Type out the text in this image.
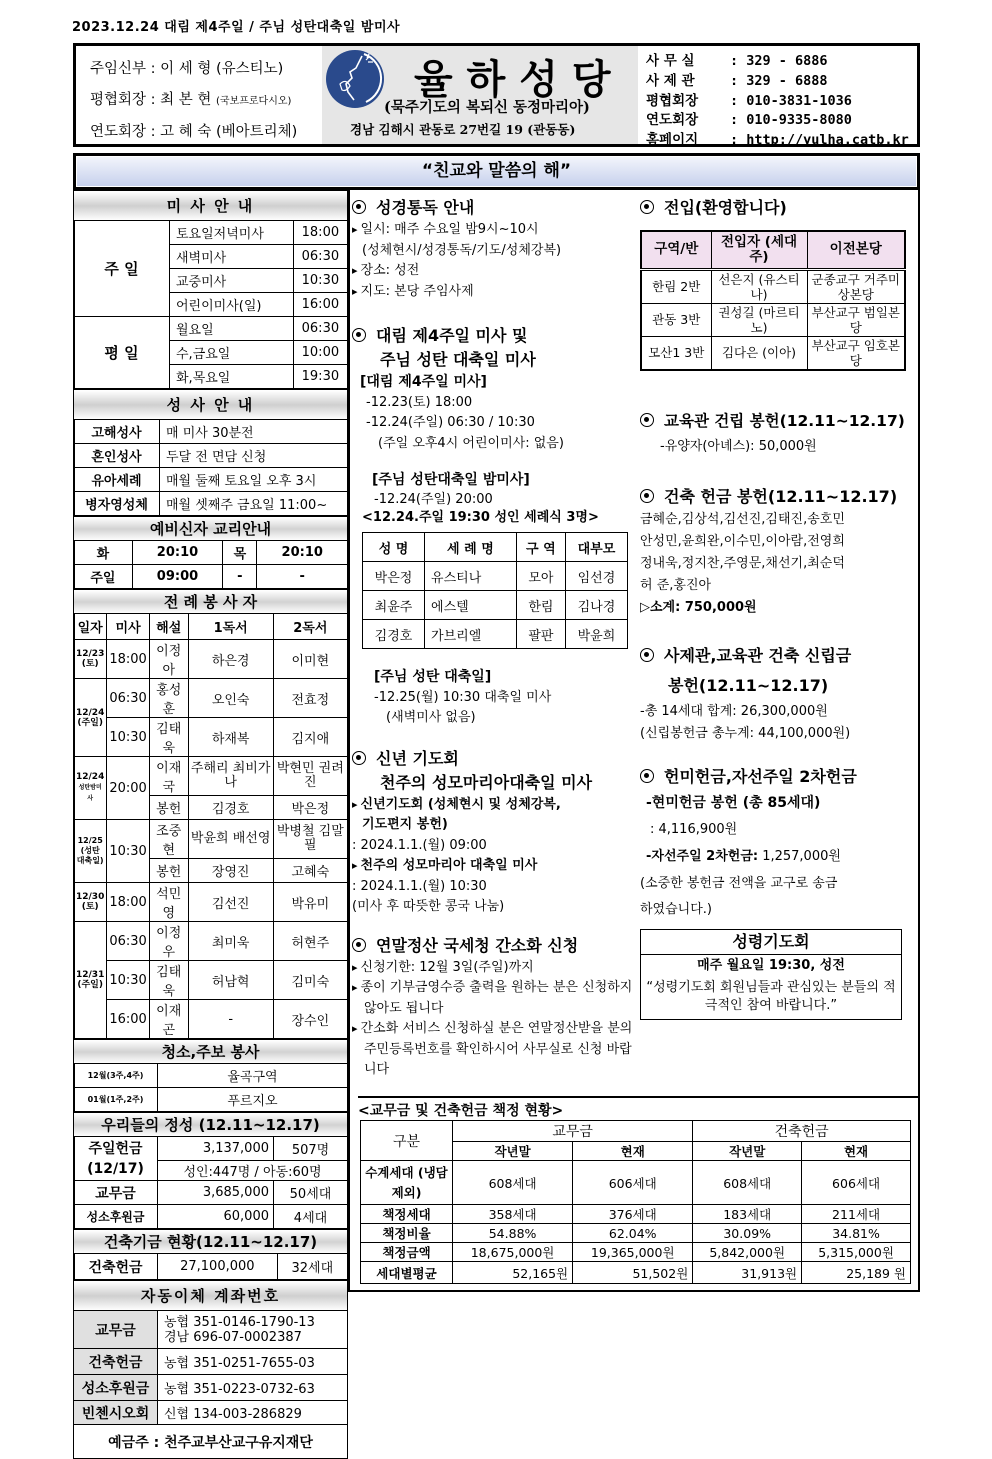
2023.12.24 대림 제4주일 / 주님 성탄대축일 밤미사
주임신부 : 이 세 형 (유스티노)
평협회장 : 최 본 현 (국보프로다시오)
연도회장 : 고 혜 숙 (베아트리체)
율하성당
(묵주기도의 복되신 동정마리아)
경남 김해시 관동로 27번길 19 (관동동)
사 무 실	: 329 - 6886
사 제 관	: 329 - 6888
평협회장 : 010-3831-1036
연도회장 : 010-9335-8080
홈페이지 : http://yulha.catb.kr
“친교와 말씀의 해”
미 사 안 내		
주 일	토요일저녁미사	18:00
	새벽미사	06:30
	교중미사	10:30
	어린이미사(일)	16:00
평 일	월요일	06:30
	수,금요일	10:00
	화,목요일	19:30
성 사 안 내	
고해성사	매 미사 30분전
혼인성사	두달 전 면담 신청
유아세례	매월 둘째 토요일 오후 3시
병자영성체	매월 셋째주 금요일 11:00~
예비신자 교리안내			
화	20:10	목	20:10
주일	09:00	-	-
전 례 봉 사 자				
일자	미사	해설	1독서	2독서
12/23
(토)	18:00	이정아	하은경	이미현
12/24
(주일)	06:30	홍성훈	오인숙	전효정
	10:30	김태욱	하재복	김지애
12/24
성탄밤미사	20:00	이재국	주해리 최비가나	박현민 권려진
		봉헌	김경호	박은정
12/25
(성탄 대축일)	10:30	조중현	박윤희 배선영	박병철 김말필
		봉헌	장영진	고혜숙
12/30
(토)	18:00	석민영	김선진	박유미
12/31
(주일)	06:30	이정우	최미욱	허현주
	10:30	김태욱	허남혁	김미숙
	16:00	이재곤	-	장수인
청소,주보 봉사	
12월(3주,4주)	율곡구역
01월(1주,2주)	푸르지오
우리들의 정성 (12.11~12.17)		
주일헌금
(12/17)	3,137,000	507명
	성인:447명 / 아동:60명	
교무금	3,685,000	50세대
성소후원금	60,000	4세대
건축기금 현황(12.11~12.17)
건축헌금	27,100,000	32세대
자동이체 계좌번호	
교무금	농협 351-0146-1790-13
경남 696-07-0002387
건축헌금	농협 351-0251-7655-03
성소후원금	농협 351-0223-0732-63
빈첸시오회	신협 134-003-286829
예금주 : 천주교부산교구유지재단	
성경통독 안내
▸ 일시: 매주 수요일 밤9시~10시
(성체현시/성경통독/기도/성체강복)
▸ 장소: 성전
▸ 지도: 본당 주임사제
대림 제4주일 미사 및
주님 성탄 대축일 미사
[대림 제4주일 미사]
-12.23(토) 18:00
-12.24(주일) 06:30 / 10:30
(주일 오후4시 어린이미사: 없음)
[주님 성탄대축일 밤미사]
-12.24(주일) 20:00
<12.24.주일 19:30 성인 세례식 3명>
성 명	세 례 명	구 역	대부모
박은정	유스티나	모아	임선경
최윤주	에스텔	한림	김나경
김경호	가브리엘	팔판	박윤희
[주님 성탄 대축일]
-12.25(월) 10:30 대축일 미사
(새벽미사 없음)
신년 기도회
천주의 성모마리아대축일 미사
▸ 신년기도회 (성체현시 및 성체강복,
기도편지 봉헌)
: 2024.1.1.(월) 09:00
▸ 천주의 성모마리아 대축일 미사
: 2024.1.1.(월) 10:30
(미사 후 따뜻한 콩국 나눔)
연말정산 국세청 간소화 신청
▸ 신청기한: 12월 3일(주일)까지
▸ 종이 기부금영수증 출력을 원하는 분은 신청하지 않아도 됩니다
▸ 간소화 서비스 신청하실 분은 연말정산받을 분의 주민등록번호를 확인하시어 사무실로 신청 바랍니다
전입(환영합니다)
구역/반	전입자 (세대주)	이전본당
한림 2반	선은지 (유스티나)	군종교구 거주미상본당
관동 3반	권성길 (마르티노)	부산교구 범일본당
모산1 3반	김다은 (이아)	부산교구 임호본당
교육관 건립 봉헌(12.11~12.17)
-유양자(아녜스): 50,000원
건축 헌금 봉헌(12.11~12.17)
금혜순,김상석,김선진,김태진,송호민
안성민,윤희완,이수민,이아람,전영희
정내욱,정지찬,주영문,채선기,최순덕
허 준,홍진아
▷소계: 750,000원
사제관,교육관 건축 신립금
봉헌(12.11~12.17)
-총 14세대 합계: 26,300,000원
(신립봉헌금 총누계: 44,100,000원)
헌미헌금,자선주일 2차헌금
-현미헌금 봉헌 (총 85세대)
: 4,116,900원
-자선주일 2차헌금: 1,257,000원
(소중한 봉헌금 전액을 교구로 송금
하였습니다.)
성령기도회
매주 월요일 19:30, 성전
“성령기도회 회원님들과 관심있는 분들의 적극적인 참여 바랍니다.”
<교무금 및 건축헌금 책정 현황>
구분	교무금		건축헌금	
	작년말	현재	작년말	현재
수계세대 (냉담제외)	608세대	606세대	608세대	606세대
책정세대	358세대	376세대	183세대	211세대
책정비율	54.88%	62.04%	30.09%	34.81%
책정금액	18,675,000원	19,365,000원	5,842,000원	5,315,000원
세대별평균	52,165원	51,502원	31,913원	25,189 원
